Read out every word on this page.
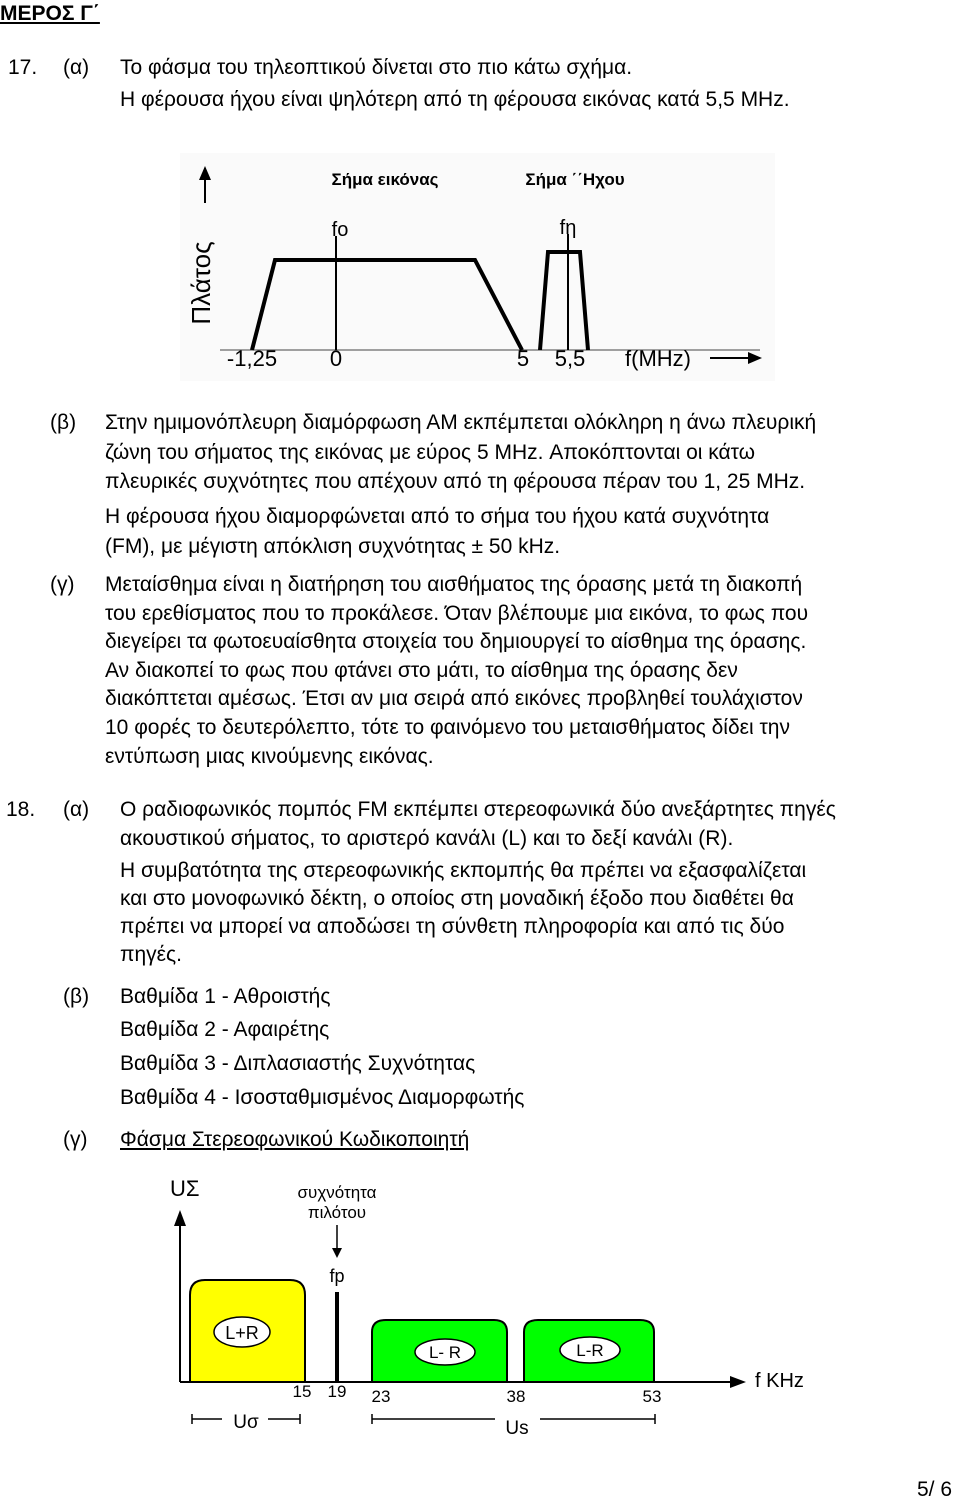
ΜΕΡΟΣ Γ΄
17. (α) Το φάσμα του τηλεοπτικού δίνεται στο πιο κάτω σχήμα.
Η φέρουσα ήχου είναι ψηλότερη από τη φέρουσα εικόνας κατά 5,5 MHz.
Σήμα εικόνας	Σήμα ΄΄Ηχου
Πλάτος
fo	fη
-1,25 0	5 5,5 f(MHz)
(β) Στην ημιμονόπλευρη διαμόρφωση ΑΜ εκπέμπεται ολόκληρη η άνω πλευρική
ζώνη του σήματος της εικόνας με εύρος 5 MHz. Αποκόπτονται οι κάτω
πλευρικές συχνότητες που απέχουν από τη φέρουσα πέραν του 1, 25 MHz.
Η φέρουσα ήχου διαμορφώνεται από το σήμα του ήχου κατά συχνότητα
(FM), με μέγιστη απόκλιση συχνότητας ± 50 kHz.
(γ) Μεταίσθημα είναι η διατήρηση του αισθήματος της όρασης μετά τη διακοπή
του ερεθίσματος που το προκάλεσε. Όταν βλέπουμε μια εικόνα, το φως που
διεγείρει τα φωτοευαίσθητα στοιχεία του δημιουργεί το αίσθημα της όρασης.
Αν διακοπεί το φως που φτάνει στο μάτι, το αίσθημα της όρασης δεν
διακόπτεται αμέσως. Έτσι αν μια σειρά από εικόνες προβληθεί τουλάχιστον
10 φορές το δευτερόλεπτο, τότε το φαινόμενο του μεταισθήματος δίδει την
εντύπωση μιας κινούμενης εικόνας.
18. (α) Ο ραδιοφωνικός πομπός FM εκπέμπει στερεοφωνικά δύο ανεξάρτητες πηγές
ακουστικού σήματος, το αριστερό κανάλι (L) και το δεξί κανάλι (R).
Η συμβατότητα της στερεοφωνικής εκπομπής θα πρέπει να εξασφαλίζεται
και στο μονοφωνικό δέκτη, ο οποίος στη μοναδική έξοδο που διαθέτει θα
πρέπει να μπορεί να αποδώσει τη σύνθετη πληροφορία και από τις δύο
πηγές.
(β) Βαθμίδα 1 - Αθροιστής
Βαθμίδα 2 - Αφαιρέτης
Βαθμίδα 3 - Διπλασιαστής Συχνότητας
Βαθμίδα 4 - Ισοσταθμισμένος Διαμορφωτής
(γ) Φάσμα Στερεοφωνικού Κωδικοποιητή
UΣ
f KHz
L+R
συχνότητα
πιλότου
fp
L- R	L-R
15 19 23	38	53
Uσ	Us
5/ 6
